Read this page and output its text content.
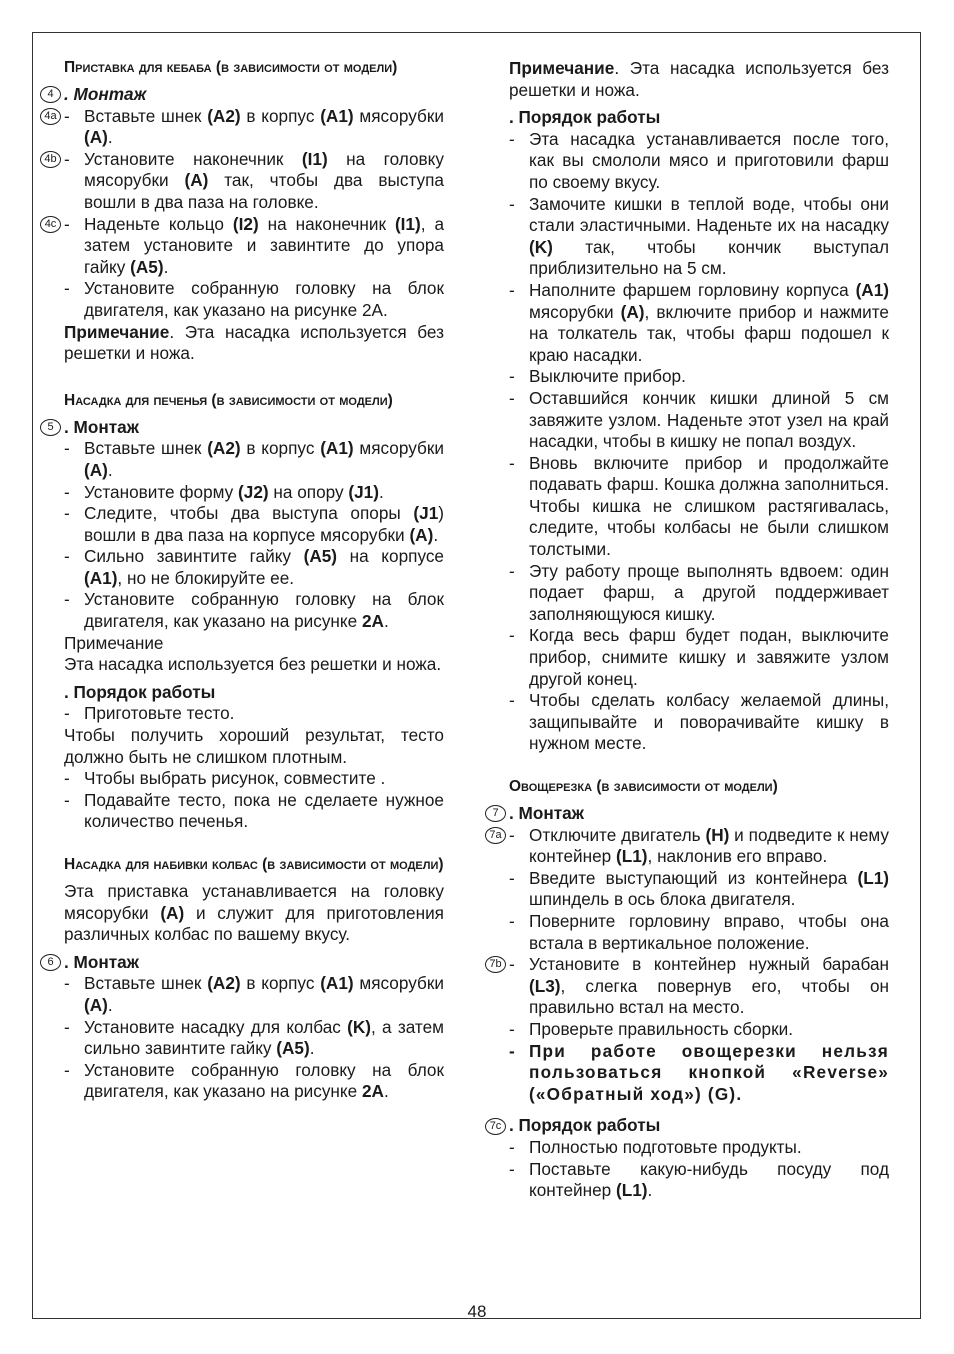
Приставка для кебаба (в зависимости от модели)

4 . Монтаж

-
4a Вставьте шнек (A2) в корпус (A1) мясорубки (A).

-
4b Установите наконечник (I1) на головку мясорубки (A) так, чтобы два выступа вошли в два паза на головке.

-
4c Наденьте кольцо (I2) на наконечник (I1), а затем установите и завинтите до упора гайку (A5).

- Установите собранную головку на блок двигателя, как указано на рисунке 2А.

Примечание. Эта насадка используется без решетки и ножа.

Насадка для печенья (в зависимости от модели)

5 . Монтаж

- Вставьте шнек (A2) в корпус (A1) мясорубки (A).

- Установите форму (J2) на опору (J1).

- Следите, чтобы два выступа опоры (J1) вошли в два паза на корпусе мясорубки (A).

- Сильно завинтите гайку (A5) на корпусе (A1), но не блокируйте ее.

- Установите собранную головку на блок двигателя, как указано на рисунке 2A.

Примечание

Эта насадка используется без решетки и ножа.

. Порядок работы

- Приготовьте тесто.

Чтобы получить хороший результат, тесто должно быть не слишком плотным.

- Чтобы выбрать рисунок, совместите .

- Подавайте тесто, пока не сделаете нужное количество печенья.

Насадка для набивки колбас (в зависимости от модели)

Эта приставка устанавливается на головку мясорубки (A) и служит для приготовления различных колбас по вашему вкусу.

6 . Монтаж

- Вставьте шнек (A2) в корпус (A1) мясорубки (A).

- Установите насадку для колбас (K), а затем сильно завинтите гайку (A5).

- Установите собранную головку на блок двигателя, как указано на рисунке 2A.

Примечание. Эта насадка используется без решетки и ножа.

. Порядок работы

- Эта насадка устанавливается после того, как вы смололи мясо и приготовили фарш по своему вкусу.

- Замочите кишки в теплой воде, чтобы они стали эластичными. Наденьте их на насадку (K) так, чтобы кончик выступал приблизительно на 5 см.

- Наполните фаршем горловину корпуса (A1) мясорубки (A), включите прибор и нажмите на толкатель так, чтобы фарш подошел к краю насадки.

- Выключите прибор.

- Оставшийся кончик кишки длиной 5 см завяжите узлом. Наденьте этот узел на край насадки, чтобы в кишку не попал воздух.

- Вновь включите прибор и продолжайте подавать фарш. Кошка должна заполниться. Чтобы кишка не слишком растягивалась, следите, чтобы колбасы не были слишком толстыми.

- Эту работу проще выполнять вдвоем: один подает фарш, а другой поддерживает заполняющуюся кишку.

- Когда весь фарш будет подан, выключите прибор, снимите кишку и завяжите узлом другой конец.

- Чтобы сделать колбасу желаемой длины, защипывайте и поворачивайте кишку в нужном месте.

Овощерезка (в зависимости от модели)

7 . Монтаж

-
7a Отключите двигатель (H) и подведите к нему контейнер (L1), наклонив его вправо.

- Введите выступающий из контейнера (L1) шпиндель в ось блока двигателя.

- Поверните горловину вправо, чтобы она встала в вертикальное положение.

-
7b Установите в контейнер нужный барабан (L3), слегка повернув его, чтобы он правильно встал на место.

- Проверьте правильность сборки.

- При работе овощерезки нельзя пользоваться кнопкой «Reverse» («Обратный ход») (G).

7c . Порядок работы

- Полностью подготовьте продукты.

- Поставьте какую-нибудь посуду под контейнер (L1).

48
